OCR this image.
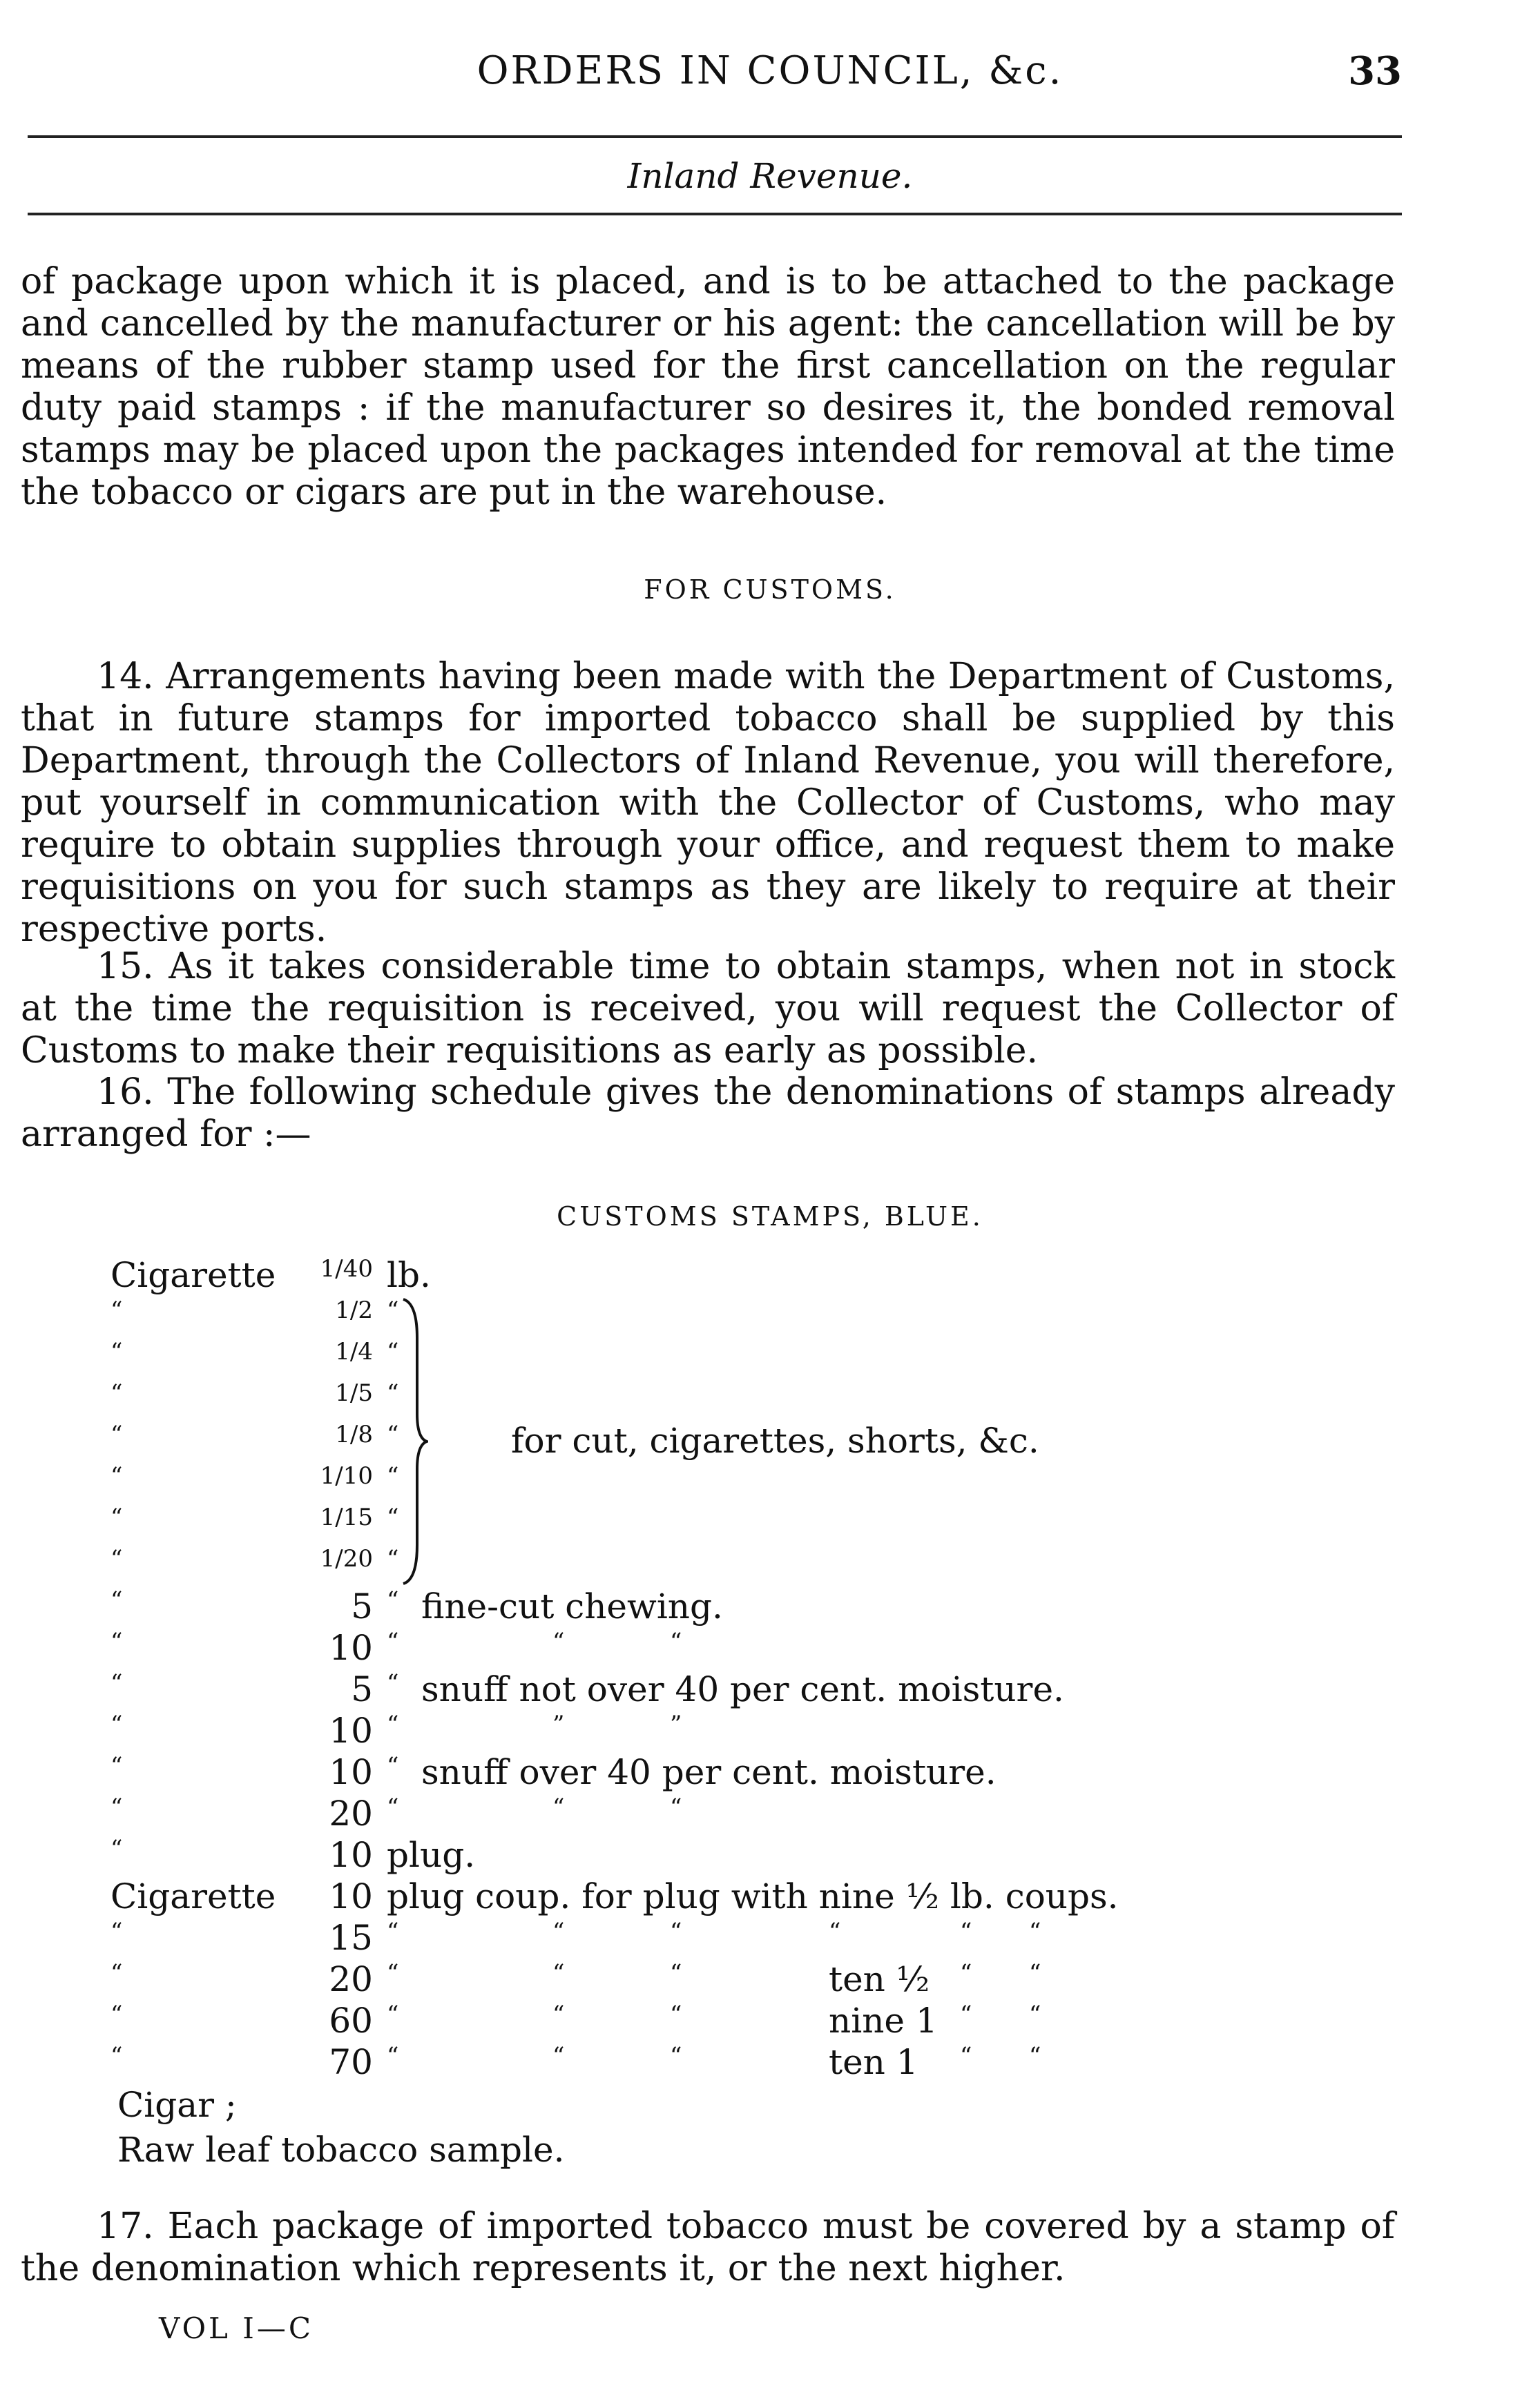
ORDERS IN COUNCIL, &c.	33
Inland Revenue.
of package upon which it is placed, and is to be attached to the package and cancelled by the manufacturer or his agent: the cancellation will be by means of the rubber stamp used for the first cancellation on the regular duty paid stamps : if the manufacturer so desires it, the bonded removal stamps may be placed upon the packages intended for removal at the time the tobacco or cigars are put in the warehouse.
FOR CUSTOMS.
14. Arrangements having been made with the Department of Customs, that in future stamps for imported tobacco shall be supplied by this Department, through the Collectors of Inland Revenue, you will therefore, put yourself in communication with the Collector of Customs, who may require to obtain supplies through your office, and request them to make requisitions on you for such stamps as they are likely to require at their respective ports.
15. As it takes considerable time to obtain stamps, when not in stock at the time the requisition is received, you will request the Collector of Customs to make their requisitions as early as possible.
16. The following schedule gives the denominations of stamps already arranged for :—
CUSTOMS STAMPS, BLUE.
Cigarette	1/40 lb.
“	1/2 “
“	1/4 “
“	1/5 “
“	1/8 “
“	1/10 “
“	1/15 “
“	1/20 “
“	5 “ fine-cut chewing.
“	10 “	“	“
“	5 “ snuff not over 40 per cent. moisture.
“	10 “	”	”
“	10 “ snuff over 40 per cent. moisture.
“	20 “	“	“
“	10 plug.
Cigarette	10 plug coup. for plug with nine ½ lb. coups.
“	15 “	“	“	“	“ “
“	20 “	“	“	ten ½ “ “
“	60 “	“	“	nine 1 “ “
“	70 “	“	“	ten 1 “ “
for cut, cigarettes, shorts, &c.
Cigar ;
Raw leaf tobacco sample.
17. Each package of imported tobacco must be covered by a stamp of the denomination which represents it, or the next higher.
VOL I—C
